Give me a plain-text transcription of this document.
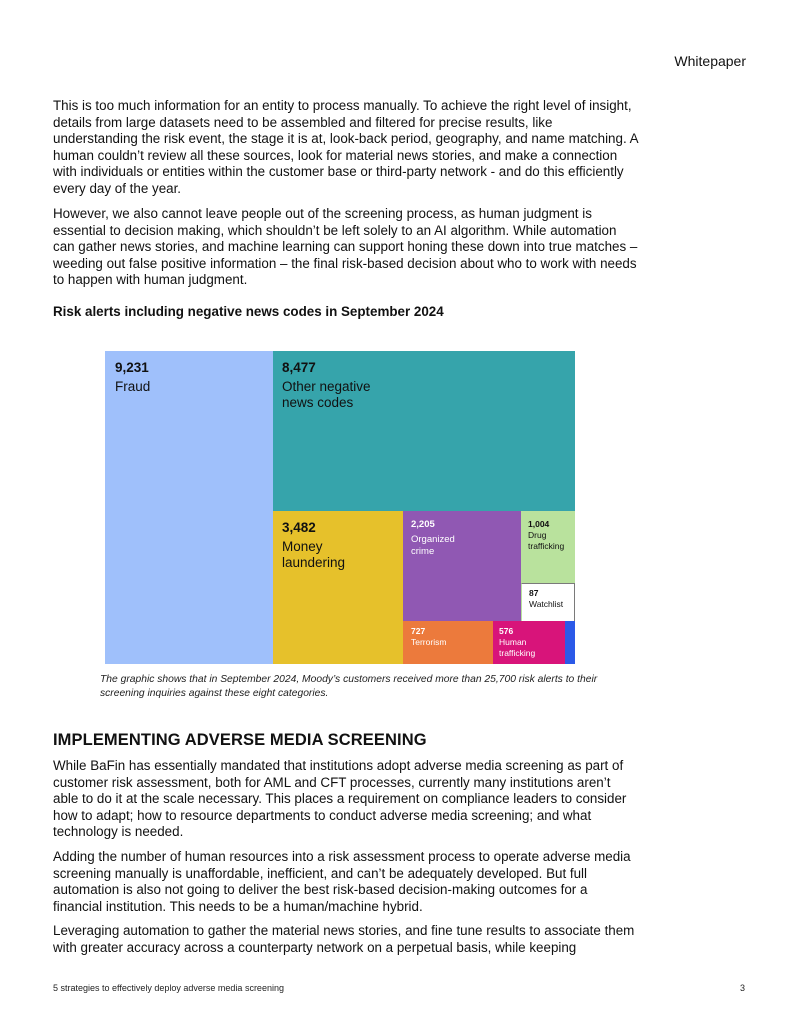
Whitepaper

This is too much information for an entity to process manually. To achieve the right level of insight, details from large datasets need to be assembled and filtered for precise results, like understanding the risk event, the stage it is at, look-back period, geography, and name matching. A human couldn’t review all these sources, look for material news stories, and make a connection with individuals or entities within the customer base or third-party network - and do this efficiently every day of the year.

However, we also cannot leave people out of the screening process, as human judgment is essential to decision making, which shouldn’t be left solely to an AI algorithm. While automation can gather news stories, and machine learning can support honing these down into true matches – weeding out false positive information – the final risk-based decision about who to work with needs to happen with human judgment.

Risk alerts including negative news codes in September 2024

9,231
Fraud
8,477
Other negative
news codes
3,482
Money
laundering
2,205
Organized
crime
1,004
Drug
trafficking
87
Watchlist
727
Terrorism
576
Human
trafficking

The graphic shows that in September 2024, Moody’s customers received more than 25,700 risk alerts to their screening inquiries against these eight categories.

IMPLEMENTING ADVERSE MEDIA SCREENING

While BaFin has essentially mandated that institutions adopt adverse media screening as part of customer risk assessment, both for AML and CFT processes, currently many institutions aren’t able to do it at the scale necessary. This places a requirement on compliance leaders to consider how to adapt; how to resource departments to conduct adverse media screening; and what technology is needed.

Adding the number of human resources into a risk assessment process to operate adverse media screening manually is unaffordable, inefficient, and can’t be adequately developed. But full automation is also not going to deliver the best risk-based decision-making outcomes for a financial institution. This needs to be a human/machine hybrid.

Leveraging automation to gather the material news stories, and fine tune results to associate them with greater accuracy across a counterparty network on a perpetual basis, while keeping

5 strategies to effectively deploy adverse media screening	3
